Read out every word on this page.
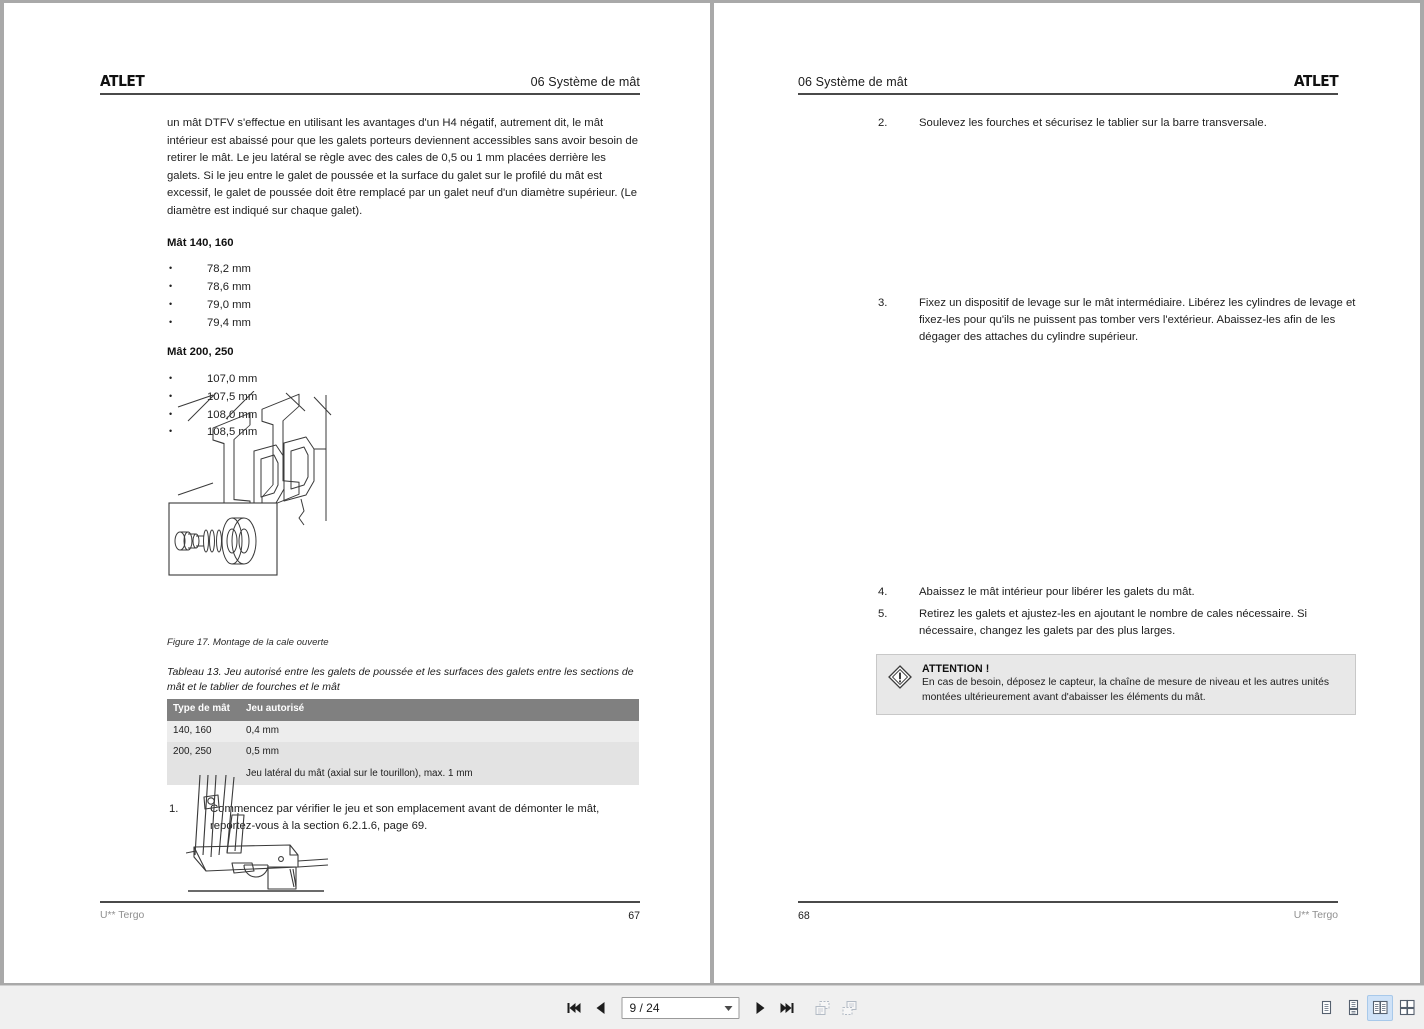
ATLET	06 Système de mât

un mât DTFV s'effectue en utilisant les avantages d'un H4 négatif, autrement dit, le mât intérieur est abaissé pour que les galets porteurs deviennent accessibles sans avoir besoin de retirer le mât. Le jeu latéral se règle avec des cales de 0,5 ou 1 mm placées derrière les galets. Si le jeu entre le galet de poussée et la surface du galet sur le profilé du mât est excessif, le galet de poussée doit être remplacé par un galet neuf d'un diamètre supérieur. (Le diamètre est indiqué sur chaque galet).

Mât 140, 160
• 78,2 mm
• 78,6 mm
• 79,0 mm
• 79,4 mm
Mât 200, 250
• 107,0 mm
• 107,5 mm
• 108,0 mm
• 108,5 mm

Figure 17. Montage de la cale ouverte

Tableau 13. Jeu autorisé entre les galets de poussée et les surfaces des galets entre les sections de mât et le tablier de fourches et le mât

Type de mât	Jeu autorisé
140, 160	0,4 mm
200, 250	0,5 mm
	Jeu latéral du mât (axial sur le tourillon), max. 1 mm
1.	Commencez par vérifier le jeu et son emplacement avant de démonter le mât, reportez-vous à la section 6.2.1.6, page 69.
U** Tergo	67
06 Système de mât	ATLET
2.	Soulevez les fourches et sécurisez le tablier sur la barre transversale.
3.	Fixez un dispositif de levage sur le mât intermédiaire. Libérez les cylindres de levage et fixez-les pour qu'ils ne puissent pas tomber vers l'extérieur. Abaissez-les afin de les dégager des attaches du cylindre supérieur.
4.	Abaissez le mât intérieur pour libérer les galets du mât.
5.	Retirez les galets et ajustez-les en ajoutant le nombre de cales nécessaire. Si nécessaire, changez les galets par des plus larges.

ATTENTION !

En cas de besoin, déposez le capteur, la chaîne de mesure de niveau et les autres unités montées ultérieurement avant d'abaisser les éléments du mât.

68	U** Tergo
9 / 24
